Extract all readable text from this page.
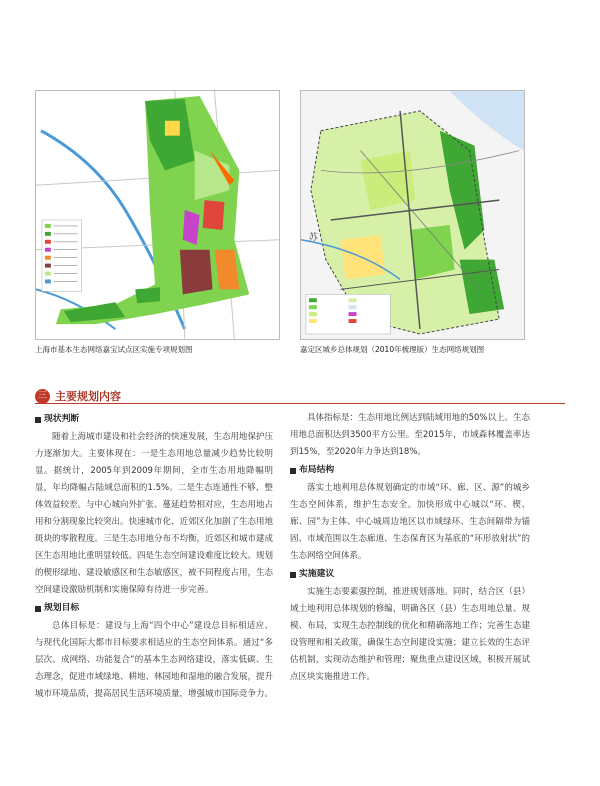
苏
上海市基本生态网络嘉宝试点区实施专项规划图	嘉定区城乡总体规划（2010年梳理版）生态网络规划图
三 主要规划内容
现状判断

随着上海城市建设和社会经济的快速发展，生态用地保护压力逐渐加大。主要体现在：一是生态用地总量减少趋势比较明显。据统计，2005年到2009年期间，全市生态用地降幅明显，年均降幅占陆域总面积的1.5%。二是生态连通性不够，整体效益较差。与中心城向外扩张、蔓延趋势相对应，生态用地占用和分割现象比较突出。快速城市化、近郊区化加剧了生态用地斑块的零散程度。三是生态用地分布不均衡，近郊区和城市建成区生态用地比重明显较低。四是生态空间建设难度比较大。规划的楔形绿地、建设敏感区和生态敏感区，被不同程度占用，生态空间建设激励机制和实施保障有待进一步完善。

规划目标

总体目标是：建设与上海“四个中心”建设总目标相适应、与现代化国际大都市目标要求相适应的生态空间体系。通过“多层次、成网络、功能复合”的基本生态网络建设，落实低碳、生态理念，促进市域绿地、耕地、林园地和湿地的融合发展，提升城市环境品质，提高居民生活环境质量，增强城市国际竞争力。

具体指标是：生态用地比例达到陆域用地的50%以上。生态用地总面积达到3500平方公里。至2015年，市域森林覆盖率达到15%，至2020年力争达到18%。

布局结构

落实土地利用总体规划确定的市域“环、廊、区、源”的城乡生态空间体系，维护生态安全。加快形成中心城以“环、楔、廊、园”为主体、中心城周边地区以市域绿环、生态间隔带为锚固、市域范围以生态廊道、生态保育区为基底的“环形放射状”的生态网络空间体系。

实施建议

实施生态要素强控制，推进规划落地。同时，结合区（县）域土地利用总体规划的修编，明确各区（县）生态用地总量、规模、布局，实现生态控制线的优化和精确落地工作；完善生态建设管理和相关政策，确保生态空间建设实施；建立长效的生态评估机制，实现动态维护和管理；聚焦重点建设区域，积极开展试点区块实施推进工作。
